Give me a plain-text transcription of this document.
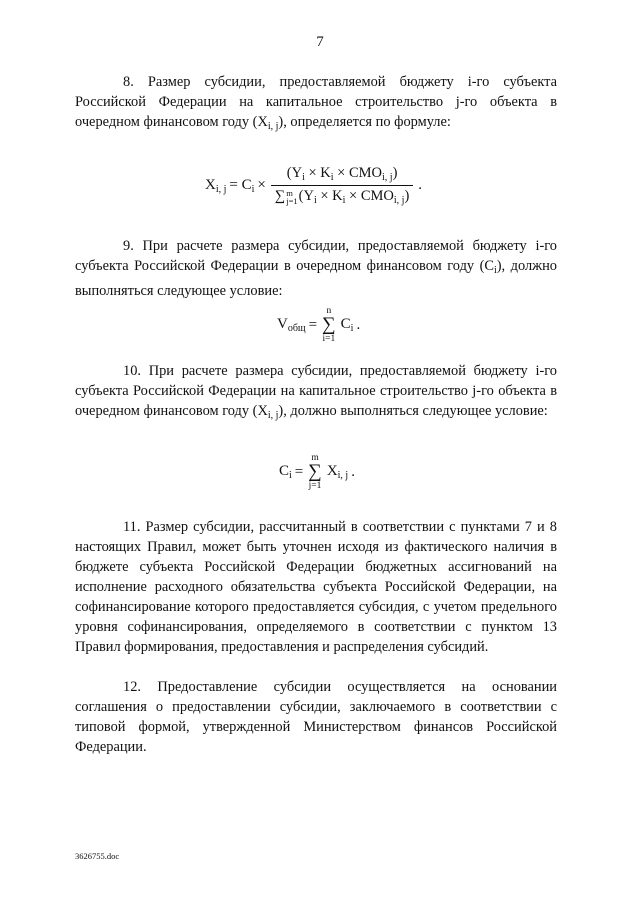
7
8. Размер субсидии, предоставляемой бюджету i-го субъекта Российской Федерации на капитальное строительство j-го объекта в очередном финансовом году $(X_{i, j})$, определяется по формуле:
$X_{i, j} = C_i \times (Y_i \times K_i \times CMO_{i, j})$
∑ m
j=1 $(Y_i \times K_i \times CMO_{i, j})$ .
9. При расчете размера субсидии, предоставляемой бюджету i-го субъекта Российской Федерации в очередном финансовом году $(C_i)$, должно выполняться следующее условие:
$V_{общ}$ =
n
∑
i=1
$C_i$ .
10. При расчете размера субсидии, предоставляемой бюджету i-го субъекта Российской Федерации на капитальное строительство j-го объекта в очередном финансовом году $(X_{i, j})$, должно выполняться следующее условие:
$C_i$ =
m
∑
j=1
$X_{i, j}$ .
11. Размер субсидии, рассчитанный в соответствии с пунктами 7 и 8 настоящих Правил, может быть уточнен исходя из фактического наличия в бюджете субъекта Российской Федерации бюджетных ассигнований на исполнение расходного обязательства субъекта Российской Федерации, на софинансирование которого предоставляется субсидия, с учетом предельного уровня софинансирования, определяемого в соответствии с пунктом 13 Правил формирования, предоставления и распределения субсидий.
12. Предоставление субсидии осуществляется на основании соглашения о предоставлении субсидии, заключаемого в соответствии с типовой формой, утвержденной Министерством финансов Российской Федерации.
3626755.doc
